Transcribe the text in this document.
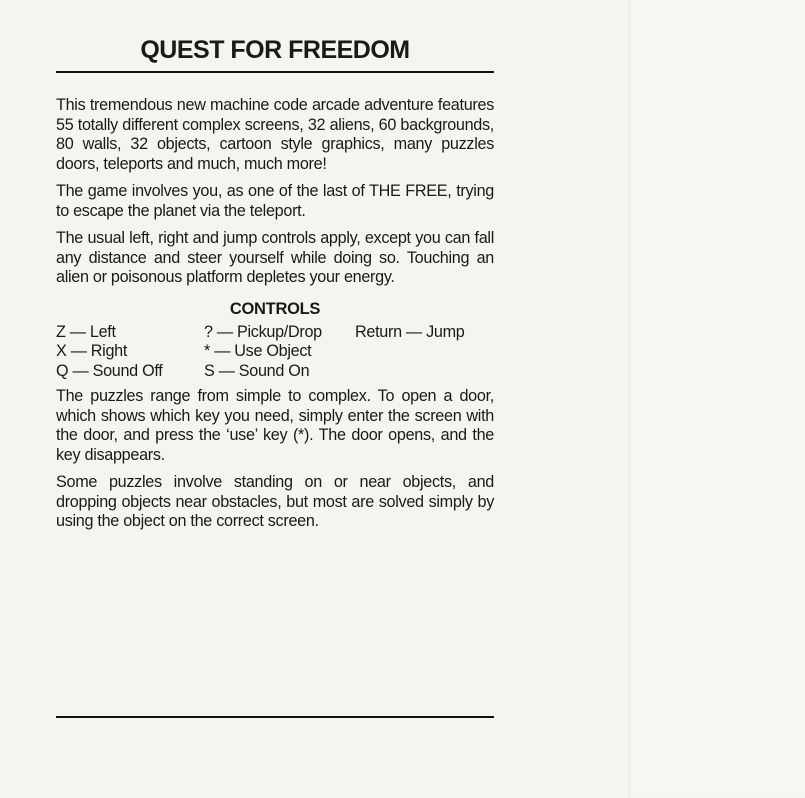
QUEST FOR FREEDOM

This tremendous new machine code arcade adventure features 55 totally different complex screens, 32 aliens, 60 backgrounds, 80 walls, 32 objects, cartoon style graphics, many puzzles doors, teleports and much, much more!

The game involves you, as one of the last of THE FREE, trying to escape the planet via the teleport.

The usual left, right and jump controls apply, except you can fall any distance and steer yourself while doing so. Touching an alien or poisonous platform depletes your energy.

CONTROLS
Z — Left	? — Pickup/Drop	Return — Jump
X — Right	* — Use Object
Q — Sound Off	S — Sound On

The puzzles range from simple to complex. To open a door, which shows which key you need, simply enter the screen with the door, and press the ‘use’ key (*). The door opens, and the key disappears.

Some puzzles involve standing on or near objects, and dropping objects near obstacles, but most are solved simply by using the object on the correct screen.
